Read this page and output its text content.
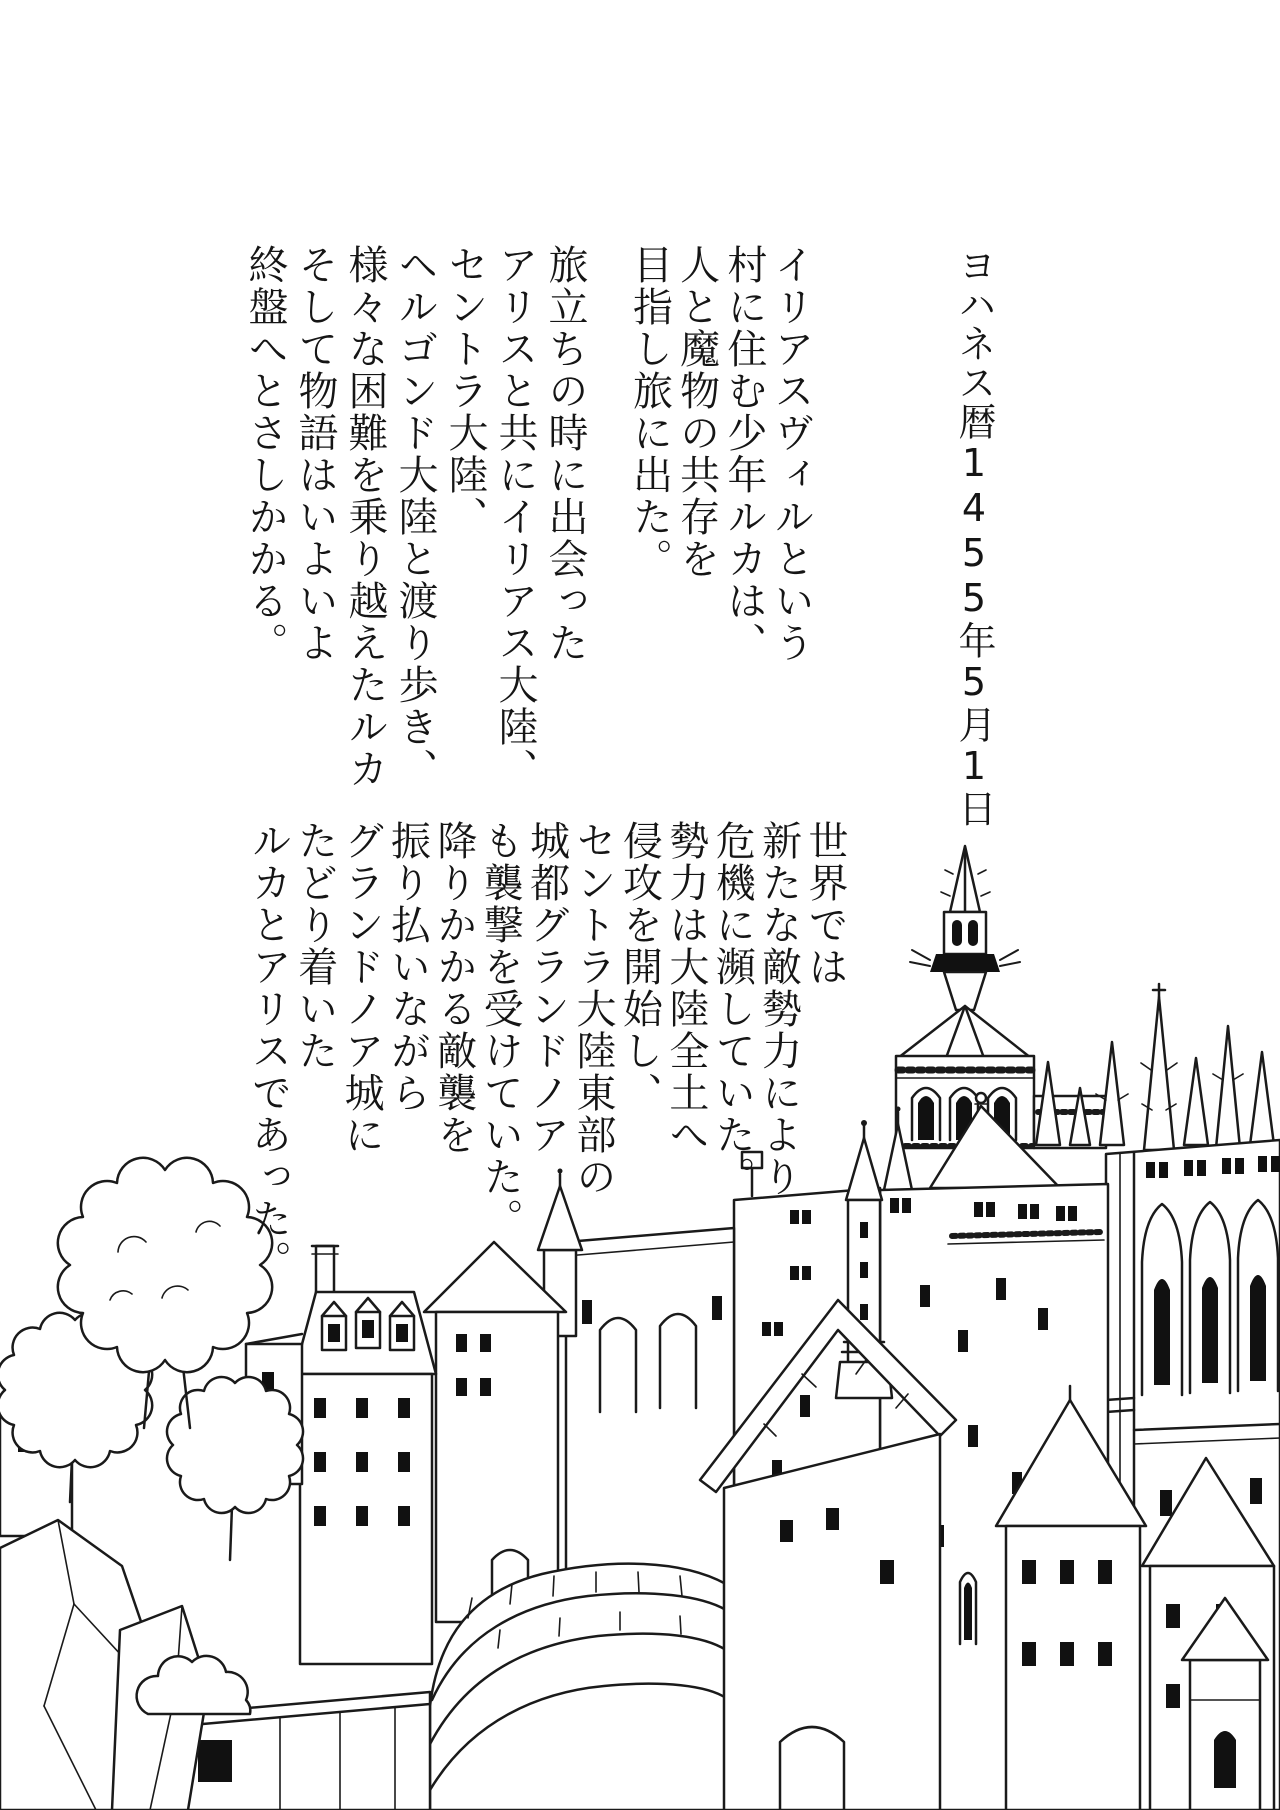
ヨハネス暦1455年5月1日
イリアスヴィルという
村に住む少年ルカは、
人と魔物の共存を
目指し旅に出た。
旅立ちの時に出会った
アリスと共にイリアス大陸、
セントラ大陸、
ヘルゴンド大陸と渡り歩き、
様々な困難を乗り越えたルカ
そして物語はいよいよ
終盤へとさしかかる。
世界では
新たな敵勢力により
危機に瀕していた。
勢力は大陸全土へ
侵攻を開始し、
セントラ大陸東部の
城都グランドノア
も襲撃を受けていた。
降りかかる敵襲を
振り払いながら
グランドノア城に
たどり着いた
ルカとアリスであった。
